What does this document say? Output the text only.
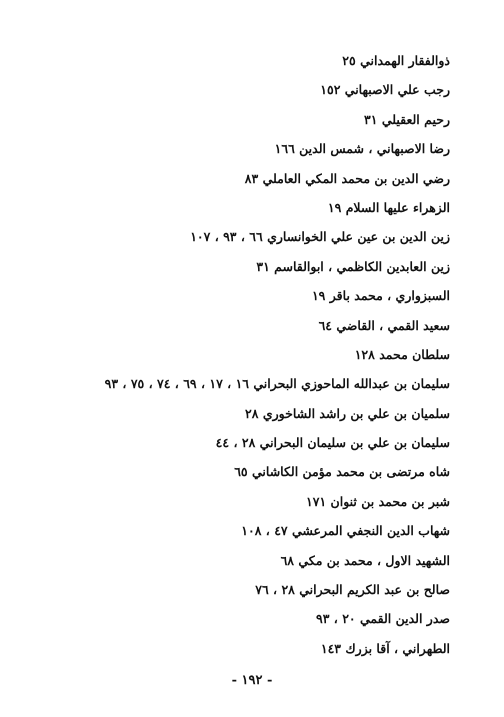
ذوالفقار الهمداني ٢٥
رجب علي الاصبهاني ١٥٢
رحيم العقيلي ٣١
رضا الاصبهاني ، شمس الدين ١٦٦
رضي الدين بن محمد المكي العاملي ٨٣
الزهراء عليها السلام ١٩
زين الدين بن عين علي الخوانساري ٦٦ ، ٩٣ ، ١٠٧
زين العابدين الكاظمي ، ابوالقاسم ٣١
السبزواري ، محمد باقر ١٩
سعيد القمي ، القاضي ٦٤
سلطان محمد ١٢٨
سليمان بن عبدالله الماحوزي البحراني ١٦ ، ١٧ ، ٦٩ ، ٧٤ ، ٧٥ ، ٩٣
سلميان بن علي بن راشد الشاخوري ٢٨
سليمان بن علي بن سليمان البحراني ٢٨ ، ٤٤
شاه مرتضى بن محمد مؤمن الكاشاني ٦٥
شبر بن محمد بن ثنوان ١٧١
شهاب الدين النجفي المرعشي ٤٧ ، ١٠٨
الشهيد الاول ، محمد بن مكي ٦٨
صالح بن عبد الكريم البحراني ٢٨ ، ٧٦
صدر الدين القمي ٢٠ ، ٩٣
الطهراني ، آقا بزرك ١٤٣
- ١٩٢ -
